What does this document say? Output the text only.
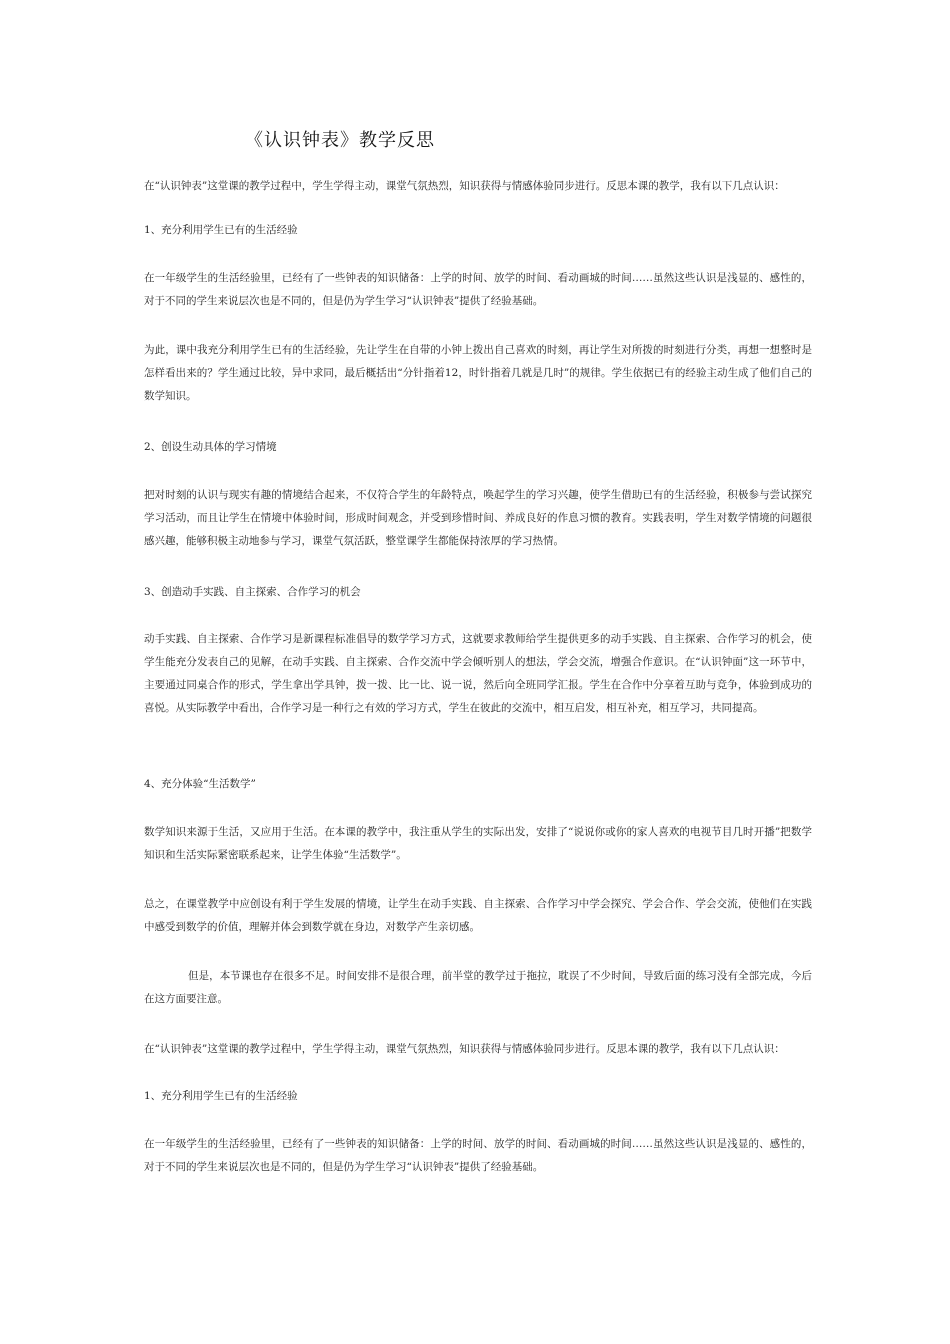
《认识钟表》教学反思

在“认识钟表”这堂课的教学过程中，学生学得主动，课堂气氛热烈，知识获得与情感体验同步进行。反思本课的教学，我有以下几点认识：

1、充分利用学生已有的生活经验

在一年级学生的生活经验里，已经有了一些钟表的知识储备：上学的时间、放学的时间、看动画城的时间……虽然这些认识是浅显的、感性的，对于不同的学生来说层次也是不同的，但是仍为学生学习“认识钟表”提供了经验基础。

为此，课中我充分利用学生已有的生活经验，先让学生在自带的小钟上拨出自己喜欢的时刻，再让学生对所拨的时刻进行分类，再想一想整时是怎样看出来的？学生通过比较，异中求同，最后概括出“分针指着12，时针指着几就是几时”的规律。学生依据已有的经验主动生成了他们自己的数学知识。

2、创设生动具体的学习情境

把对时刻的认识与现实有趣的情境结合起来，不仅符合学生的年龄特点，唤起学生的学习兴趣，使学生借助已有的生活经验，积极参与尝试探究学习活动，而且让学生在情境中体验时间，形成时间观念，并受到珍惜时间、养成良好的作息习惯的教育。实践表明，学生对数学情境的问题很感兴趣，能够积极主动地参与学习，课堂气氛活跃，整堂课学生都能保持浓厚的学习热情。

3、创造动手实践、自主探索、合作学习的机会

动手实践、自主探索、合作学习是新课程标准倡导的数学学习方式，这就要求教师给学生提供更多的动手实践、自主探索、合作学习的机会，使学生能充分发表自己的见解，在动手实践、自主探索、合作交流中学会倾听别人的想法，学会交流，增强合作意识。在“认识钟面”这一环节中，主要通过同桌合作的形式，学生拿出学具钟，拨一拨、比一比、说一说，然后向全班同学汇报。学生在合作中分享着互助与竞争，体验到成功的喜悦。从实际教学中看出，合作学习是一种行之有效的学习方式，学生在彼此的交流中，相互启发，相互补充，相互学习，共同提高。

4、充分体验“生活数学”

数学知识来源于生活，又应用于生活。在本课的教学中，我注重从学生的实际出发，安排了“说说你或你的家人喜欢的电视节目几时开播”把数学知识和生活实际紧密联系起来，让学生体验“生活数学”。

总之，在课堂教学中应创设有利于学生发展的情境，让学生在动手实践、自主探索、合作学习中学会探究、学会合作、学会交流，使他们在实践中感受到数学的价值，理解并体会到数学就在身边，对数学产生亲切感。

但是，本节课也存在很多不足。时间安排不是很合理，前半堂的教学过于拖拉，耽误了不少时间，导致后面的练习没有全部完成，今后在这方面要注意。

在“认识钟表”这堂课的教学过程中，学生学得主动，课堂气氛热烈，知识获得与情感体验同步进行。反思本课的教学，我有以下几点认识：

1、充分利用学生已有的生活经验

在一年级学生的生活经验里，已经有了一些钟表的知识储备：上学的时间、放学的时间、看动画城的时间……虽然这些认识是浅显的、感性的，对于不同的学生来说层次也是不同的，但是仍为学生学习“认识钟表”提供了经验基础。
